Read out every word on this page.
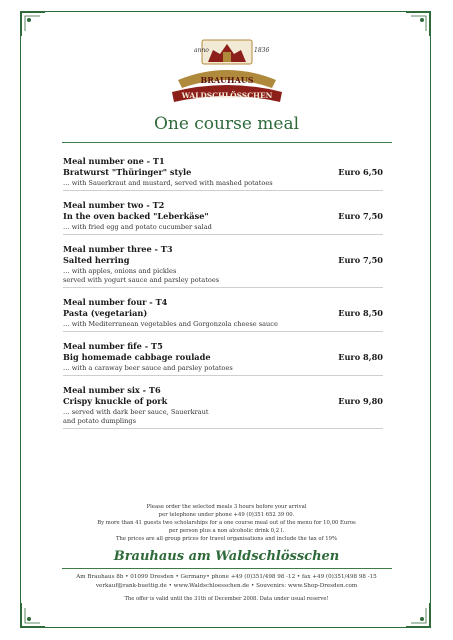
anno	1836
BRAUHAUS
WALDSCHLÖSSCHEN
One course meal
Meal number one - T1
Bratwurst "Thüringer" style	Euro 6,50
… with Sauerkraut and mustard, served with mashed potatoes
Meal number two - T2
In the oven backed "Leberkäse"	Euro 7,50
… with fried egg and potato cucumber salad
Meal number three - T3
Salted herring	Euro 7,50
… with apples, onions and pickles
served with yogurt sauce and parsley potatoes
Meal number four - T4
Pasta (vegetarian)	Euro 8,50
… with Mediterranean vegetables and Gorgonzola cheese sauce
Meal number fife - T5
Big homemade cabbage roulade	Euro 8,80
… with a caraway beer sauce and parsley potatoes
Meal number six - T6
Crispy knuckle of pork	Euro 9,80
… served with dark beer sauce, Sauerkraut
and potato dumplings
Please order the selected meals 3 hours before your arrival
per telephone under phone +49 (0)351 652 39 00.
By more than 41 guests two scholarships for a one course meal out of the menu for 10,00 Euros
per person plus a non alcoholic drink 0,2 l.
The prices are all group prices for travel organisations and include the tax of 19%
Brauhaus am Waldschlösschen
Am Brauhaus 8b • 01099 Dresden • Germany• phone +49 (0)351/498 98 -12 • fax +49 (0)351/498 98 -15
verkauf@rank-buettig.de • www.Waldschloesschen.de • Souvenirs: www.Shop-Dresden.com
The offer is valid until the 31th of December 2008. Data under usual reserve!
